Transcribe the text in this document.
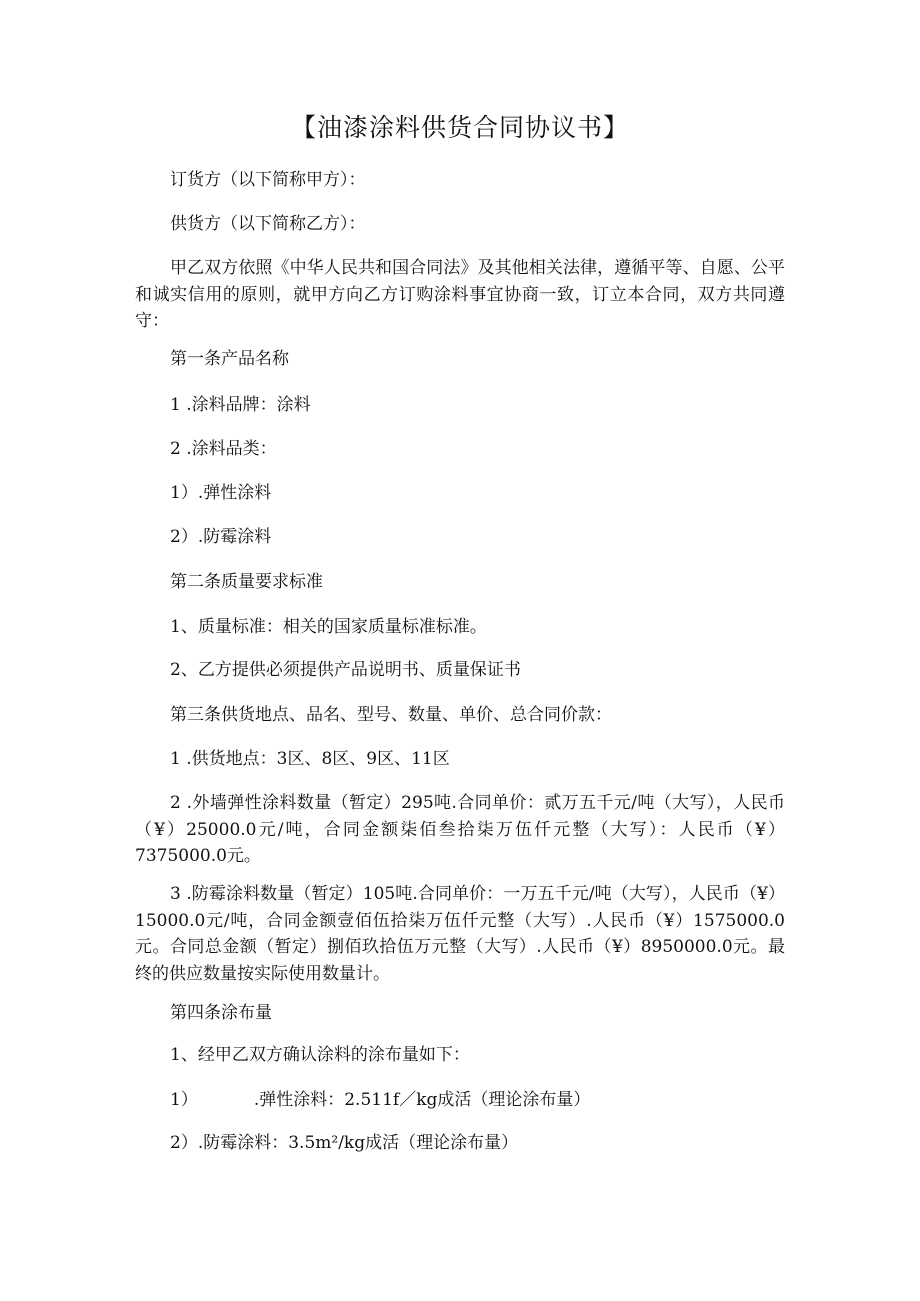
【油漆涂料供货合同协议书】
订货方（以下简称甲方）：
供货方（以下简称乙方）：
甲乙双方依照《中华人民共和国合同法》及其他相关法律，遵循平等、自愿、公平和诚实信用的原则，就甲方向乙方订购涂料事宜协商一致，订立本合同，双方共同遵守：
第一条产品名称
1 .涂料品牌：涂料
2 .涂料品类：
1）.弹性涂料
2）.防霉涂料
第二条质量要求标准
1、质量标准：相关的国家质量标准标准。
2、乙方提供必须提供产品说明书、质量保证书
第三条供货地点、品名、型号、数量、单价、总合同价款：
1 .供货地点：3区、8区、9区、11区
2 .外墙弹性涂料数量（暂定）295吨.合同单价：贰万五千元/吨（大写），人民币（¥）25000.0元/吨，合同金额柒佰叁拾柒万伍仟元整（大写）：人民币（¥）7375000.0元。
3 .防霉涂料数量（暂定）105吨.合同单价：一万五千元/吨（大写），人民币（¥）15000.0元/吨，合同金额壹佰伍拾柒万伍仟元整（大写）.人民币（¥）1575000.0元。合同总金额（暂定）捌佰玖拾伍万元整（大写）.人民币（¥）8950000.0元。最终的供应数量按实际使用数量计。
第四条涂布量
1、经甲乙双方确认涂料的涂布量如下：
1）	.弹性涂料：2.511f／kg成活（理论涂布量）
2）.防霉涂料：3.5m²/kg成活（理论涂布量）
